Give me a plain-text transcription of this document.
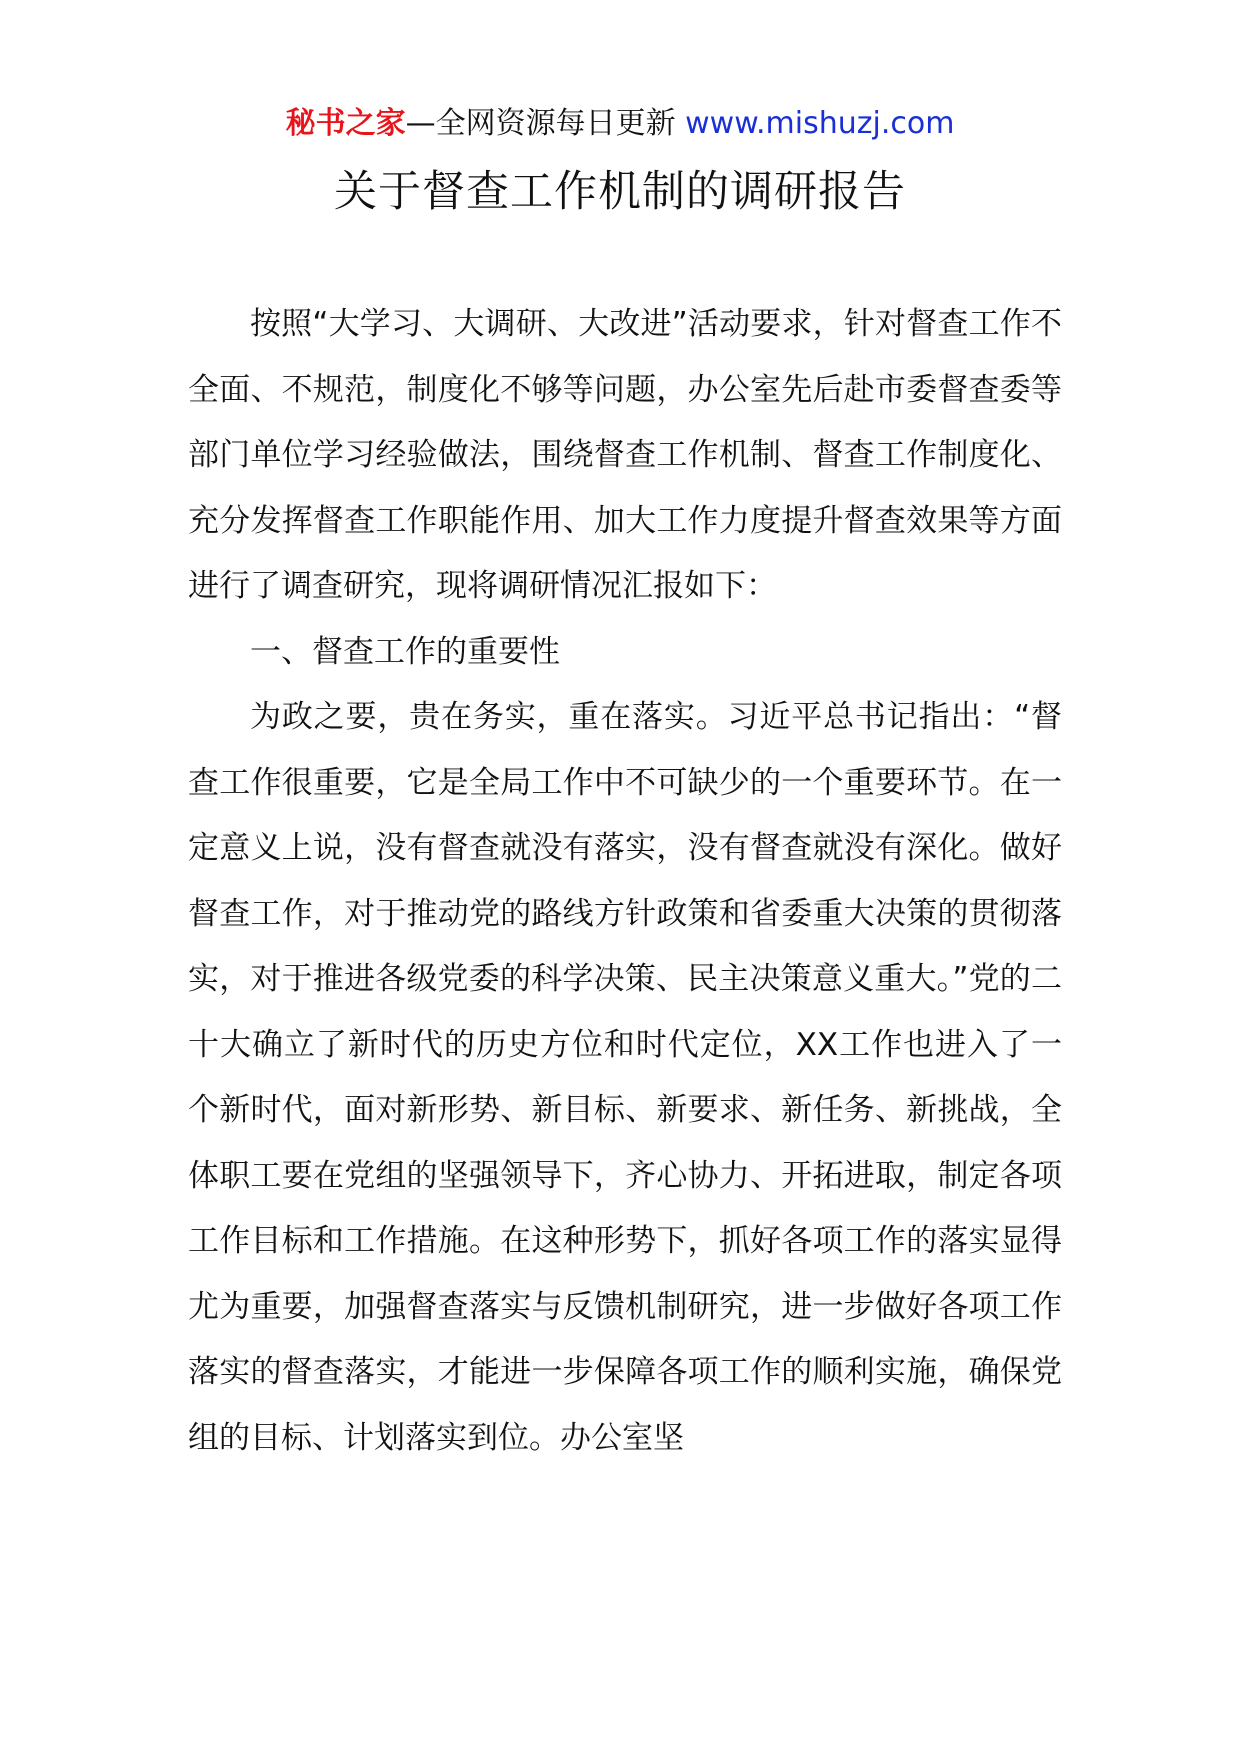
秘书之家—全网资源每日更新 www.mishuzj.com
关于督查工作机制的调研报告

按照“大学习、大调研、大改进”活动要求，针对督查工作不全面、不规范，制度化不够等问题，办公室先后赴市委督查委等部门单位学习经验做法，围绕督查工作机制、督查工作制度化、充分发挥督查工作职能作用、加大工作力度提升督查效果等方面进行了调查研究，现将调研情况汇报如下：

一、督查工作的重要性

为政之要，贵在务实，重在落实。习近平总书记指出：“督查工作很重要，它是全局工作中不可缺少的一个重要环节。在一定意义上说，没有督查就没有落实，没有督查就没有深化。做好督查工作，对于推动党的路线方针政策和省委重大决策的贯彻落实，对于推进各级党委的科学决策、民主决策意义重大。”党的二十大确立了新时代的历史方位和时代定位，XX工作也进入了一个新时代，面对新形势、新目标、新要求、新任务、新挑战，全体职工要在党组的坚强领导下，齐心协力、开拓进取，制定各项工作目标和工作措施。在这种形势下，抓好各项工作的落实显得尤为重要，加强督查落实与反馈机制研究，进一步做好各项工作落实的督查落实，才能进一步保障各项工作的顺利实施，确保党组的目标、计划落实到位。办公室坚
